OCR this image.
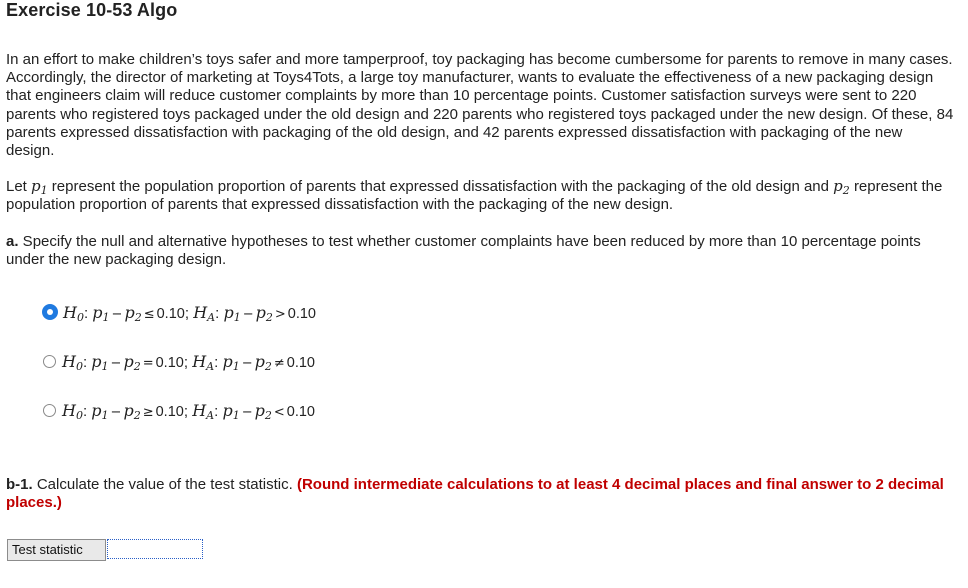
Exercise 10-53 Algo
In an effort to make children’s toys safer and more tamperproof, toy packaging has become cumbersome for parents to remove in many cases. Accordingly, the director of marketing at Toys4Tots, a large toy manufacturer, wants to evaluate the effectiveness of a new packaging design that engineers claim will reduce customer complaints by more than 10 percentage points. Customer satisfaction surveys were sent to 220 parents who registered toys packaged under the old design and 220 parents who registered toys packaged under the new design. Of these, 84 parents expressed dissatisfaction with packaging of the old design, and 42 parents expressed dissatisfaction with packaging of the new design.
Let $p_1$ represent the population proportion of parents that expressed dissatisfaction with the packaging of the old design and $p_2$ represent the population proportion of parents that expressed dissatisfaction with the packaging of the new design.
a. Specify the null and alternative hypotheses to test whether customer complaints have been reduced by more than 10 percentage points under the new packaging design.
$H_0$: $p_1 - p_2 \le 0.10$; $H_A$: $p_1 - p_2 > 0.10$
$H_0$: $p_1 - p_2 = 0.10$; $H_A$: $p_1 - p_2 \ne 0.10$
$H_0$: $p_1 - p_2 \ge 0.10$; $H_A$: $p_1 - p_2 < 0.10$
b-1. Calculate the value of the test statistic. (Round intermediate calculations to at least 4 decimal places and final answer to 2 decimal places.)
Test statistic
